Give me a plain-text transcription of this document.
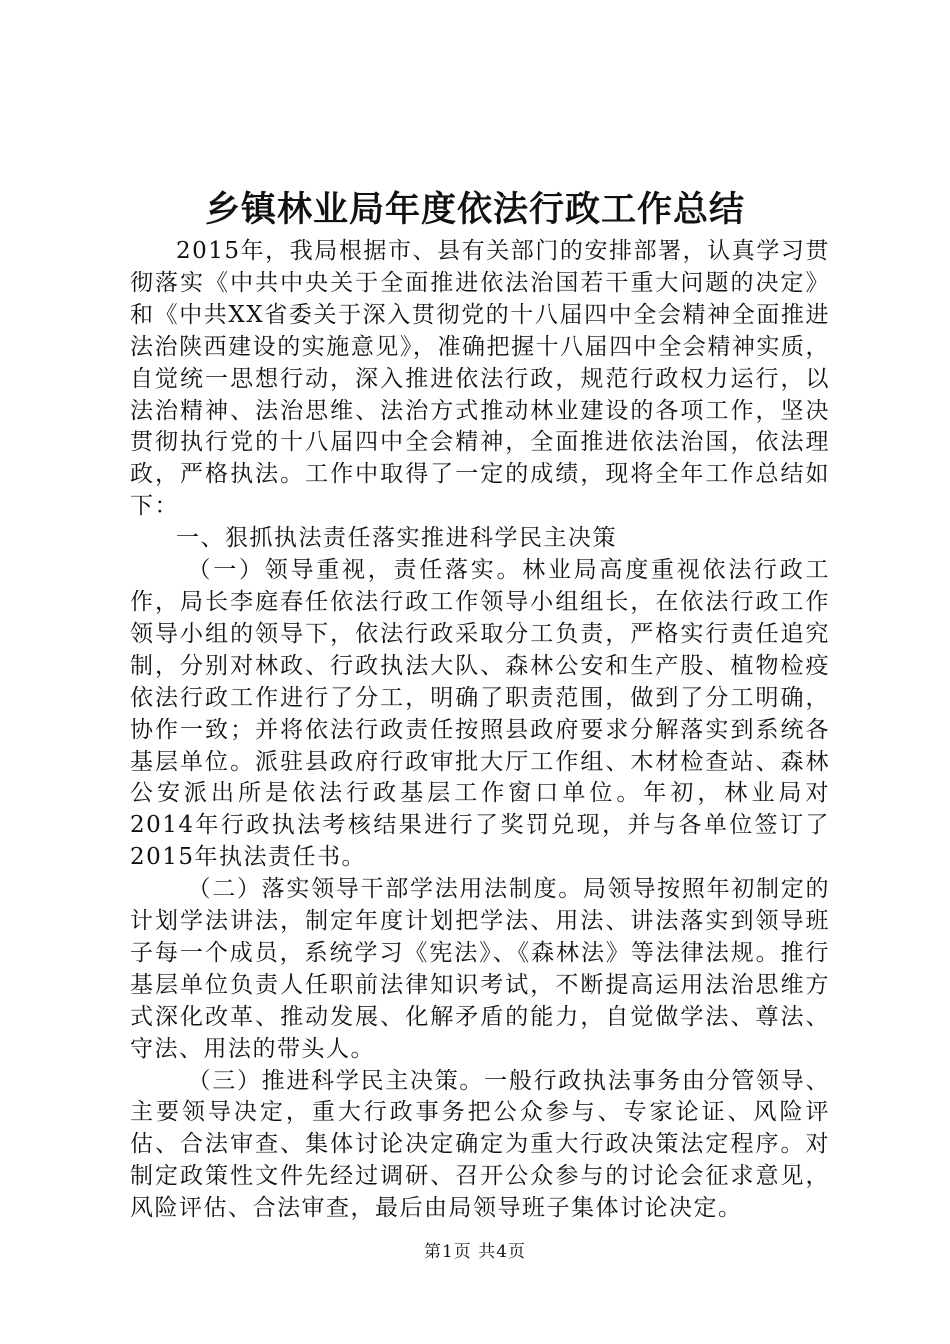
乡镇林业局年度依法行政工作总结

2015年，我局根据市、县有关部门的安排部署，认真学习贯彻落实《中共中央关于全面推进依法治国若干重大问题的决定》和《中共XX省委关于深入贯彻党的十八届四中全会精神全面推进法治陕西建设的实施意见》，准确把握十八届四中全会精神实质，自觉统一思想行动，深入推进依法行政，规范行政权力运行，以法治精神、法治思维、法治方式推动林业建设的各项工作，坚决贯彻执行党的十八届四中全会精神，全面推进依法治国，依法理政，严格执法。工作中取得了一定的成绩，现将全年工作总结如下：

一、狠抓执法责任落实推进科学民主决策

（一）领导重视，责任落实。林业局高度重视依法行政工作，局长李庭春任依法行政工作领导小组组长，在依法行政工作领导小组的领导下，依法行政采取分工负责，严格实行责任追究制，分别对林政、行政执法大队、森林公安和生产股、植物检疫依法行政工作进行了分工，明确了职责范围，做到了分工明确，协作一致；并将依法行政责任按照县政府要求分解落实到系统各基层单位。派驻县政府行政审批大厅工作组、木材检查站、森林公安派出所是依法行政基层工作窗口单位。年初，林业局对2014年行政执法考核结果进行了奖罚兑现，并与各单位签订了2015年执法责任书。

（二）落实领导干部学法用法制度。局领导按照年初制定的计划学法讲法，制定年度计划把学法、用法、讲法落实到领导班子每一个成员，系统学习《宪法》、《森林法》等法律法规。推行基层单位负责人任职前法律知识考试，不断提高运用法治思维方式深化改革、推动发展、化解矛盾的能力，自觉做学法、尊法、守法、用法的带头人。

（三）推进科学民主决策。一般行政执法事务由分管领导、主要领导决定，重大行政事务把公众参与、专家论证、风险评估、合法审查、集体讨论决定确定为重大行政决策法定程序。对制定政策性文件先经过调研、召开公众参与的讨论会征求意见，风险评估、合法审查，最后由局领导班子集体讨论决定。

第1页 共4页
